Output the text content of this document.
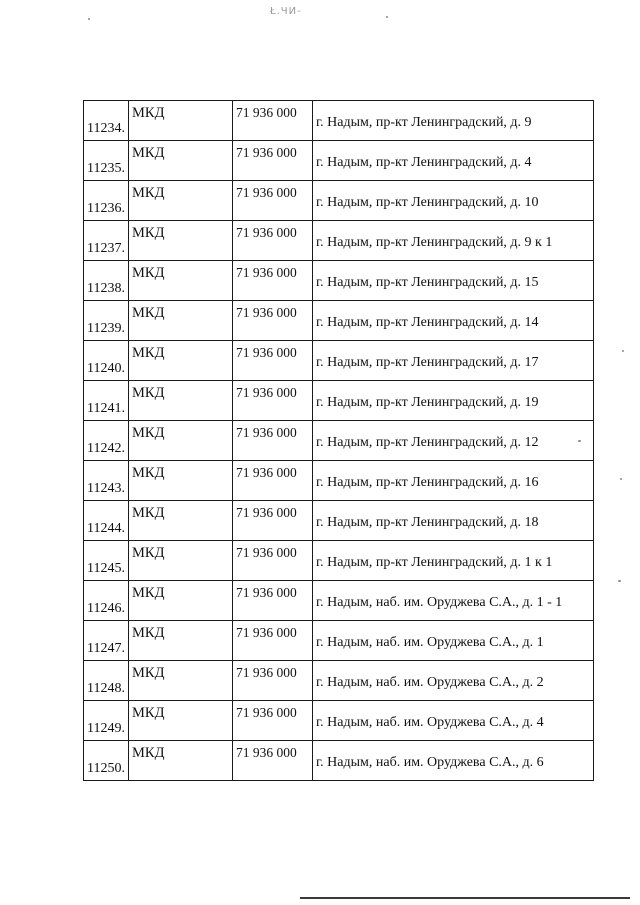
Ł.ЧИ-
11234.	МКД	71 936 000	г. Надым, пр-кт Ленинградский, д. 9
11235.	МКД	71 936 000	г. Надым, пр-кт Ленинградский, д. 4
11236.	МКД	71 936 000	г. Надым, пр-кт Ленинградский, д. 10
11237.	МКД	71 936 000	г. Надым, пр-кт Ленинградский, д. 9 к 1
11238.	МКД	71 936 000	г. Надым, пр-кт Ленинградский, д. 15
11239.	МКД	71 936 000	г. Надым, пр-кт Ленинградский, д. 14
11240.	МКД	71 936 000	г. Надым, пр-кт Ленинградский, д. 17
11241.	МКД	71 936 000	г. Надым, пр-кт Ленинградский, д. 19
11242.	МКД	71 936 000	г. Надым, пр-кт Ленинградский, д. 12
11243.	МКД	71 936 000	г. Надым, пр-кт Ленинградский, д. 16
11244.	МКД	71 936 000	г. Надым, пр-кт Ленинградский, д. 18
11245.	МКД	71 936 000	г. Надым, пр-кт Ленинградский, д. 1 к 1
11246.	МКД	71 936 000	г. Надым, наб. им. Оруджева С.А., д. 1 - 1
11247.	МКД	71 936 000	г. Надым, наб. им. Оруджева С.А., д. 1
11248.	МКД	71 936 000	г. Надым, наб. им. Оруджева С.А., д. 2
11249.	МКД	71 936 000	г. Надым, наб. им. Оруджева С.А., д. 4
11250.	МКД	71 936 000	г. Надым, наб. им. Оруджева С.А., д. 6
